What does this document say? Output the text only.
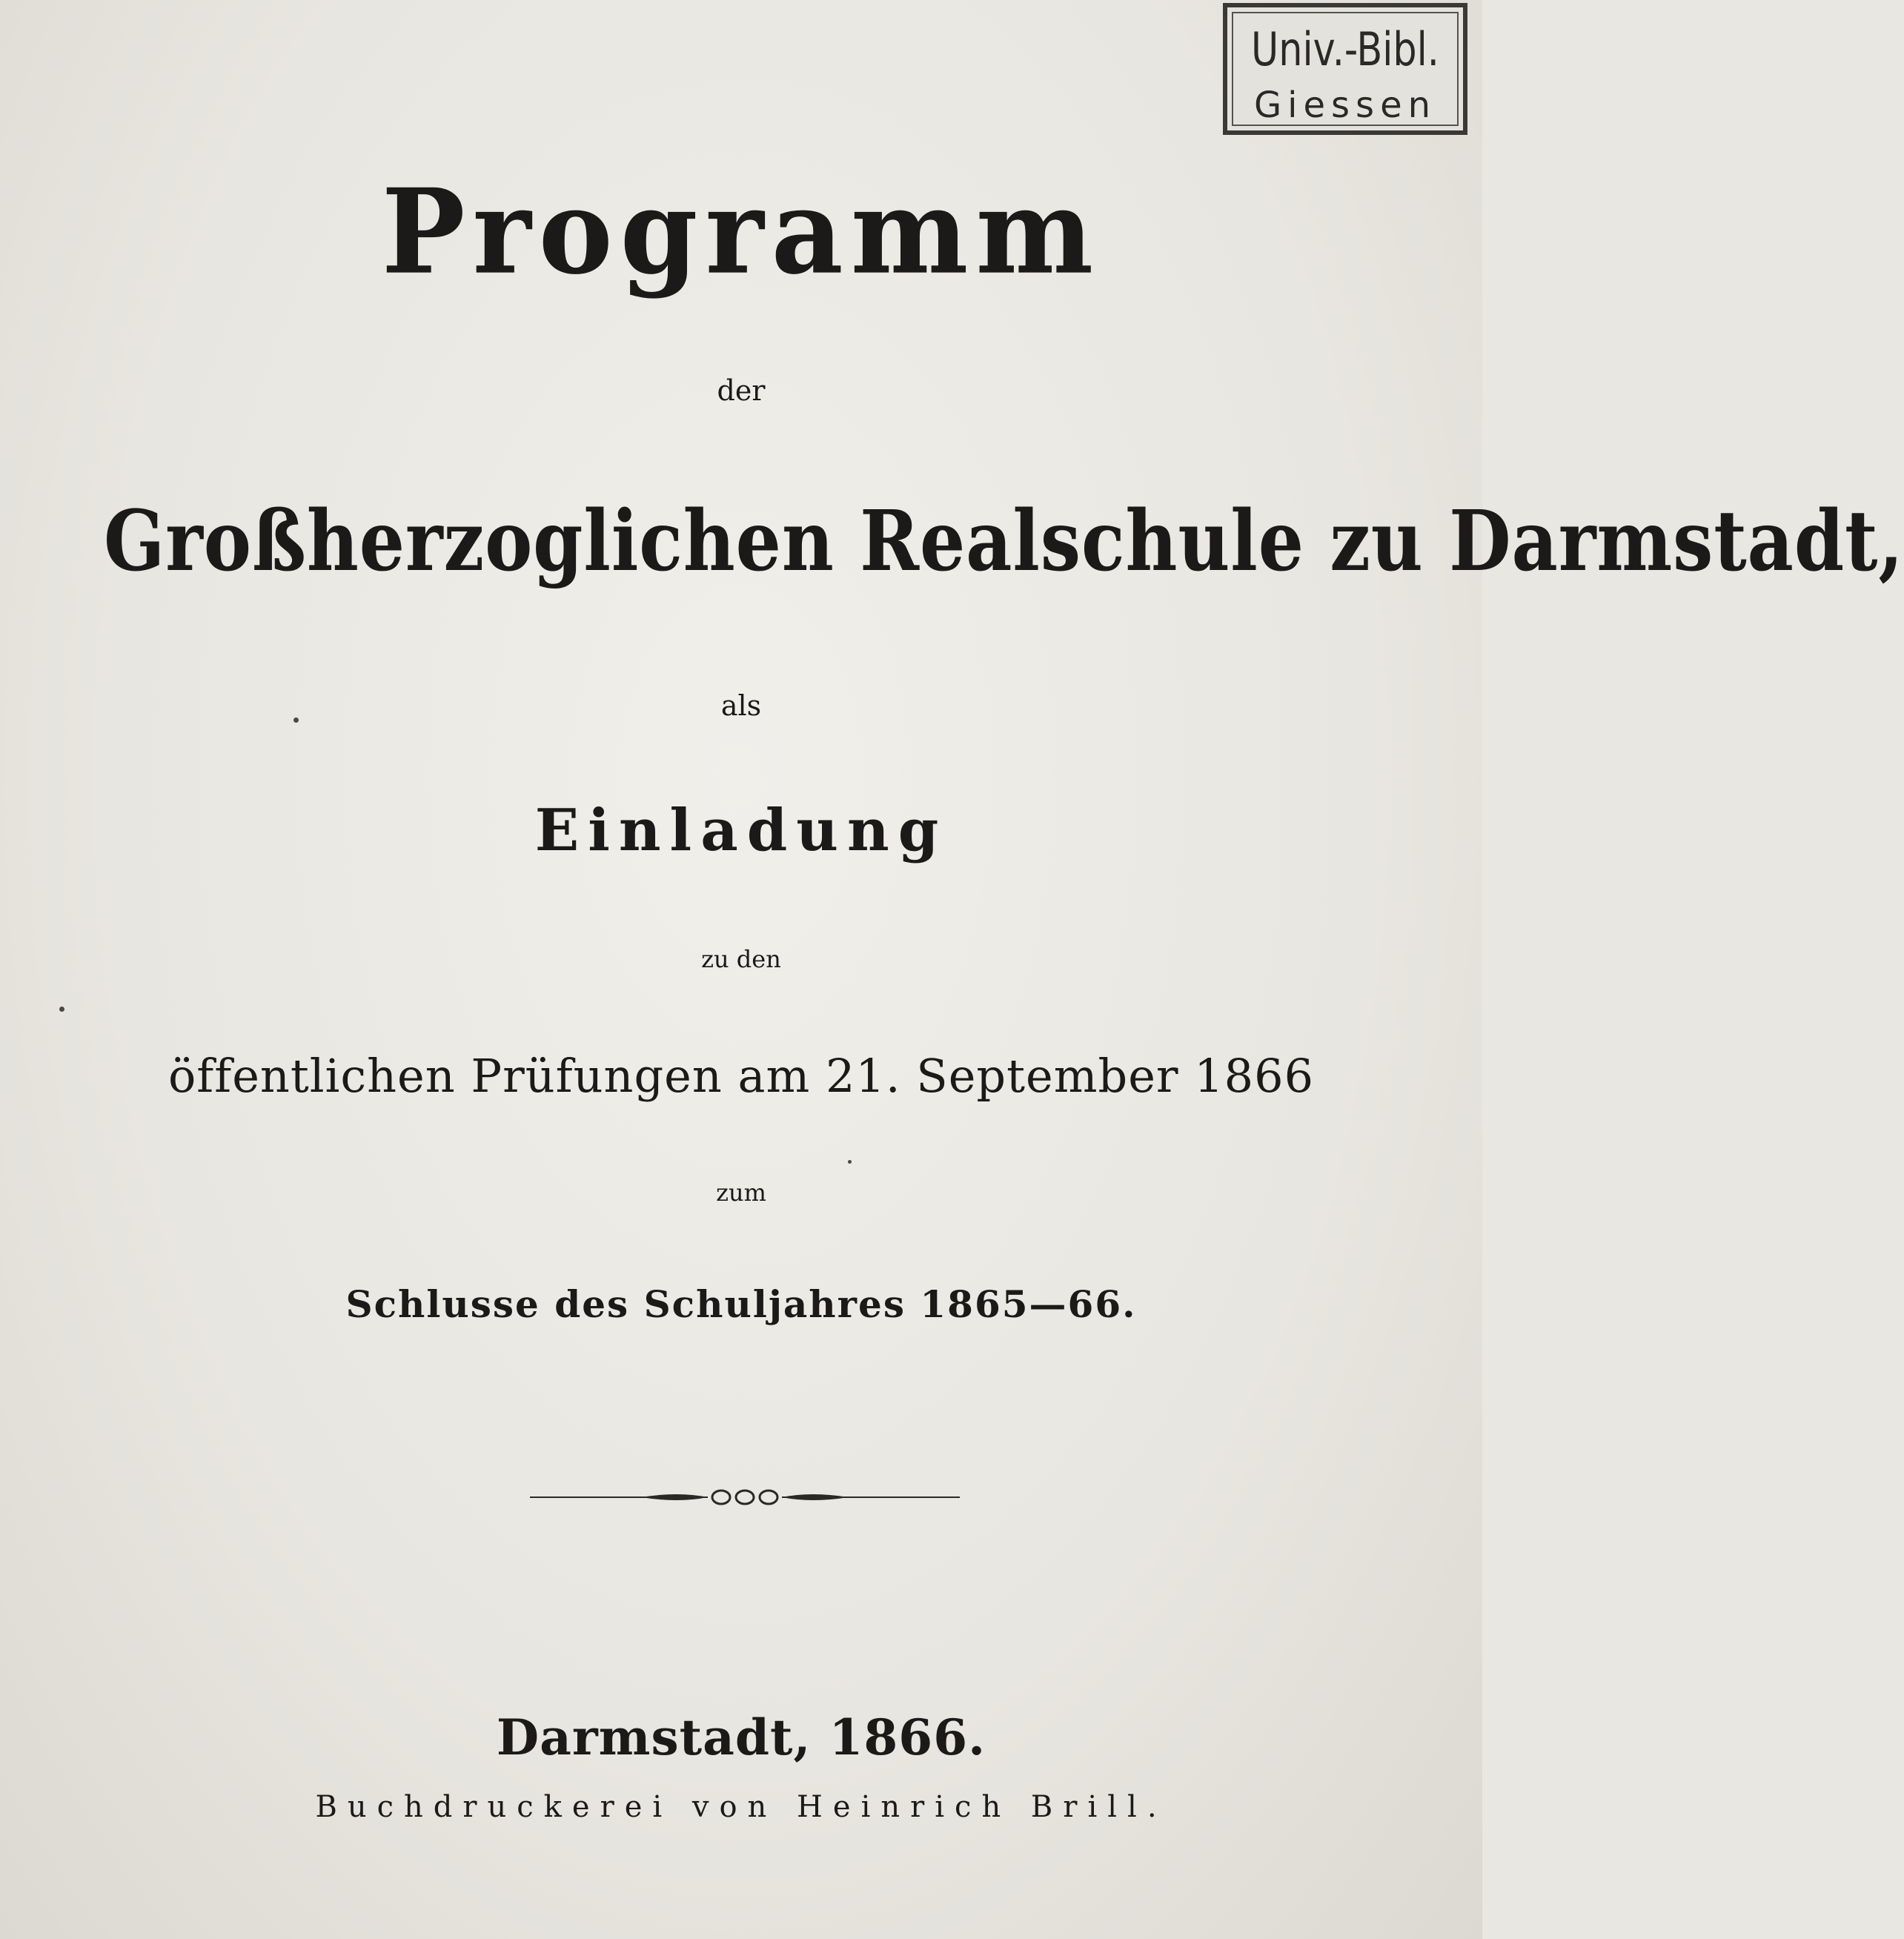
Univ.-Bibl.
Giessen
Programm
der
Großherzoglichen Realschule zu Darmstadt,
als
Einladung
zu den
öffentlichen Prüfungen am 21. September 1866
zum
Schlusse des Schuljahres 1865—66.
Darmstadt, 1866.
Buchdruckerei von Heinrich Brill.
